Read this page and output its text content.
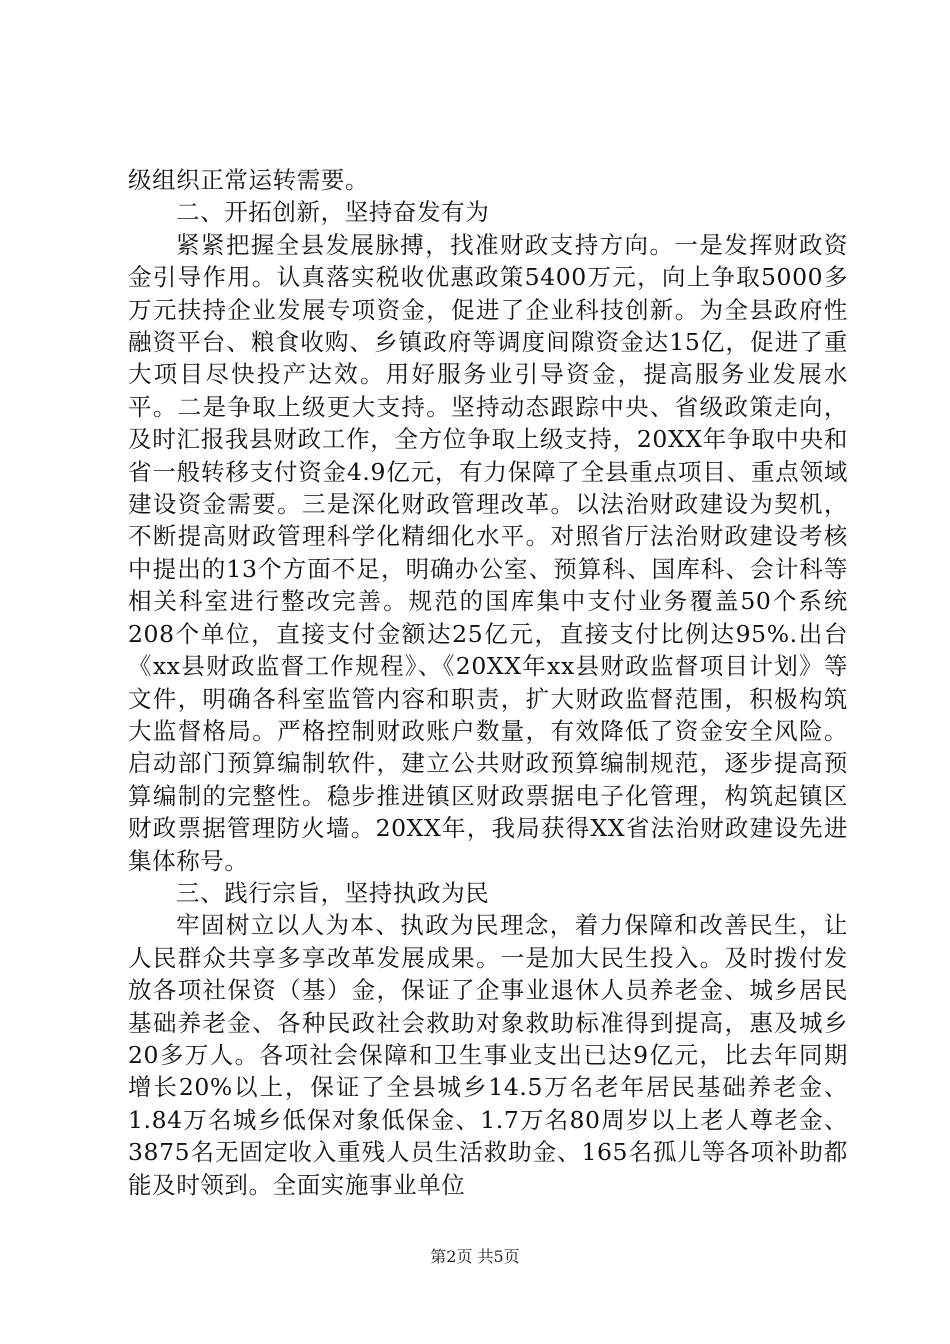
级组织正常运转需要。

二、开拓创新，坚持奋发有为

紧紧把握全县发展脉搏，找准财政支持方向。一是发挥财政资金引导作用。认真落实税收优惠政策5400万元，向上争取5000多万元扶持企业发展专项资金，促进了企业科技创新。为全县政府性融资平台、粮食收购、乡镇政府等调度间隙资金达15亿，促进了重大项目尽快投产达效。用好服务业引导资金，提高服务业发展水平。二是争取上级更大支持。坚持动态跟踪中央、省级政策走向，及时汇报我县财政工作，全方位争取上级支持，20XX年争取中央和省一般转移支付资金4.9亿元，有力保障了全县重点项目、重点领域建设资金需要。三是深化财政管理改革。以法治财政建设为契机，不断提高财政管理科学化精细化水平。对照省厅法治财政建设考核中提出的13个方面不足，明确办公室、预算科、国库科、会计科等相关科室进行整改完善。规范的国库集中支付业务覆盖50个系统208个单位，直接支付金额达25亿元，直接支付比例达95%.出台《xx县财政监督工作规程》、《20XX年xx县财政监督项目计划》等文件，明确各科室监管内容和职责，扩大财政监督范围，积极构筑大监督格局。严格控制财政账户数量，有效降低了资金安全风险。启动部门预算编制软件，建立公共财政预算编制规范，逐步提高预算编制的完整性。稳步推进镇区财政票据电子化管理，构筑起镇区财政票据管理防火墙。20XX年，我局获得XX省法治财政建设先进集体称号。

三、践行宗旨，坚持执政为民

牢固树立以人为本、执政为民理念，着力保障和改善民生，让人民群众共享多享改革发展成果。一是加大民生投入。及时拨付发放各项社保资（基）金，保证了企事业退休人员养老金、城乡居民基础养老金、各种民政社会救助对象救助标准得到提高，惠及城乡20多万人。各项社会保障和卫生事业支出已达9亿元，比去年同期增长20%以上，保证了全县城乡14.5万名老年居民基础养老金、1.84万名城乡低保对象低保金、1.7万名80周岁以上老人尊老金、3875名无固定收入重残人员生活救助金、165名孤儿等各项补助都能及时领到。全面实施事业单位

第2页 共5页
